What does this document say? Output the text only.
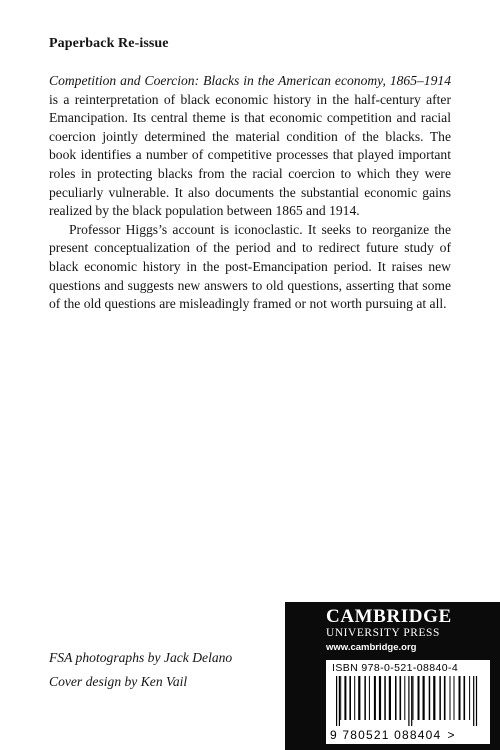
Paperback Re-issue

Competition and Coercion: Blacks in the American economy, 1865–1914 is a reinterpretation of black economic history in the half-century after Emancipation. Its central theme is that economic competition and racial coercion jointly determined the material condition of the blacks. The book identifies a number of competitive processes that played important roles in protecting blacks from the racial coercion to which they were peculiarly vulnerable. It also documents the substantial economic gains realized by the black population between 1865 and 1914.

Professor Higgs’s account is iconoclastic. It seeks to reorganize the present conceptualization of the period and to redirect future study of black economic history in the post-Emancipation period. It raises new questions and suggests new answers to old questions, asserting that some of the old questions are misleadingly framed or not worth pursuing at all.

FSA photographs by Jack Delano
Cover design by Ken Vail
CAMBRIDGE
UNIVERSITY PRESS
www.cambridge.org
ISBN 978-0-521-08840-4
9 780521 088404 >
